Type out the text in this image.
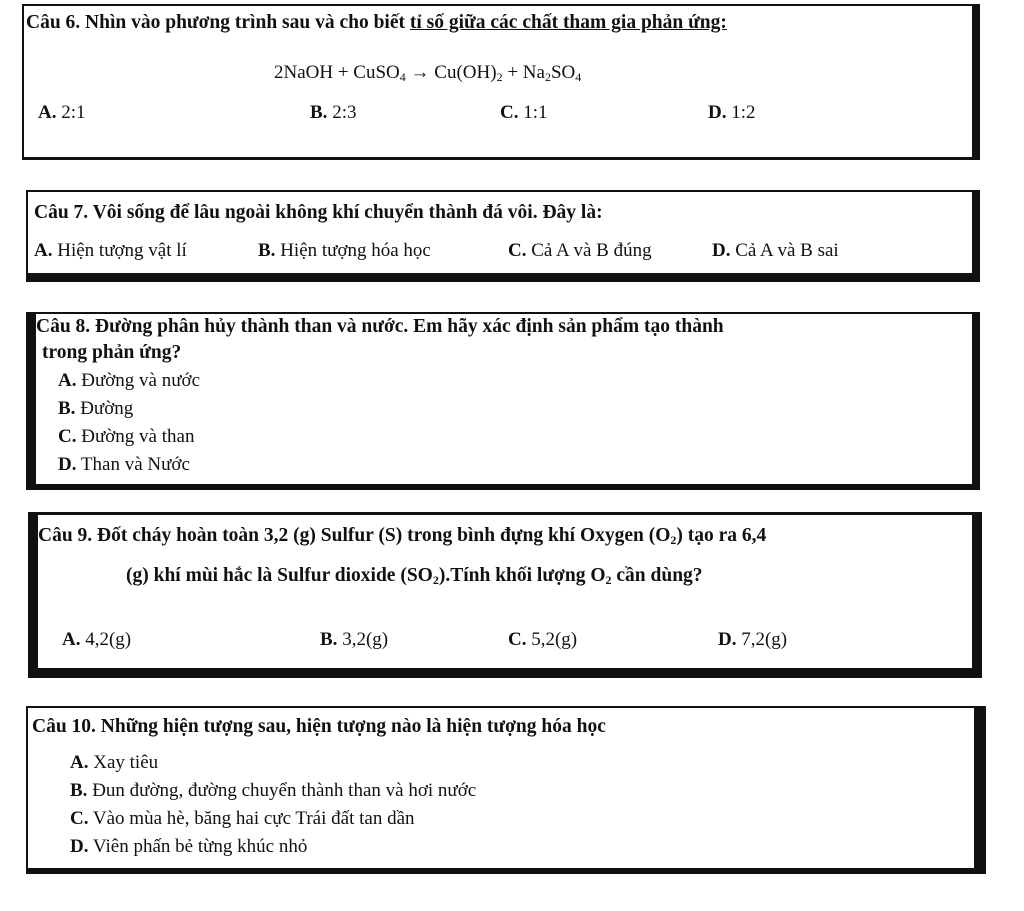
Câu 6. Nhìn vào phương trình sau và cho biết tỉ số giữa các chất tham gia phản ứng:
2NaOH + CuSO$_4$ → $Cu(OH)_2 + Na_2SO_4$
A. 2:1	B. 2:3	C. 1:1	D. 1:2
Câu 7. Vôi sống để lâu ngoài không khí chuyển thành đá vôi. Đây là:
A. Hiện tượng vật lí	B. Hiện tượng hóa học	C. Cả A và B đúng	D. Cả A và B sai
Câu 8. Đường phân hủy thành than và nước. Em hãy xác định sản phẩm tạo thành
trong phản ứng?
A. Đường và nước
B. Đường
C. Đường và than
D. Than và Nước
Câu 9. Đốt cháy hoàn toàn 3,2 (g) Sulfur (S) trong bình đựng khí Oxygen $(O_2)$ tạo ra 6,4
(g) khí mùi hắc là Sulfur dioxide $(SO_2).Tính$ khối lượng $O_2$ cần dùng?
A. 4,2(g)	B. 3,2(g)	C. 5,2(g)	D. 7,2(g)
Câu 10. Những hiện tượng sau, hiện tượng nào là hiện tượng hóa học
A. Xay tiêu
B. Đun đường, đường chuyển thành than và hơi nước
C. Vào mùa hè, băng hai cực Trái đất tan dần
D. Viên phấn bẻ từng khúc nhỏ
